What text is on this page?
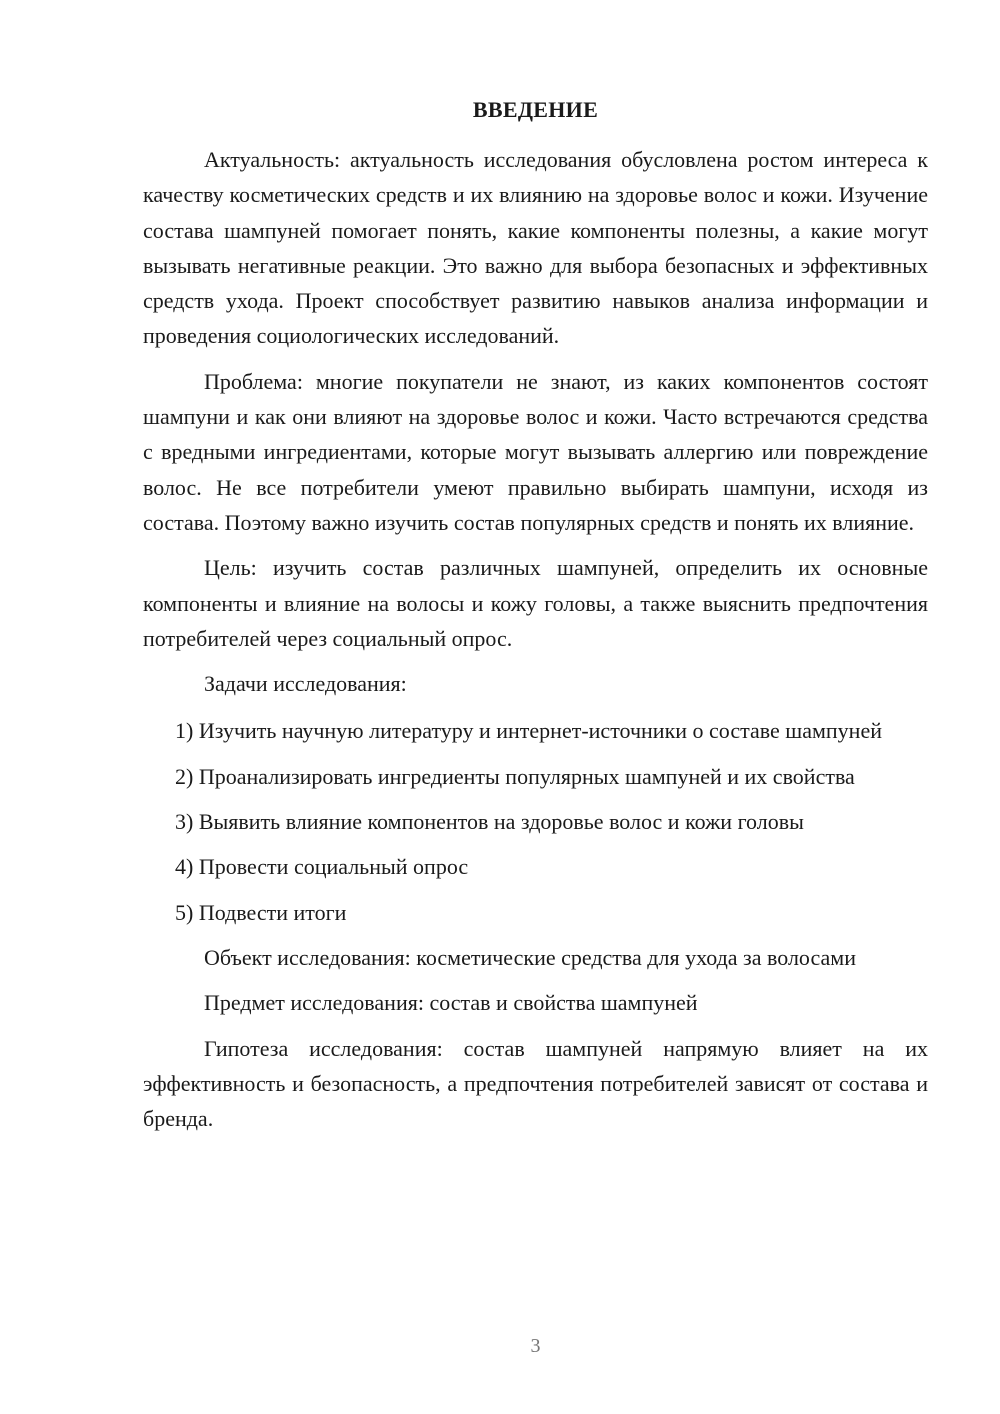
ВВЕДЕНИЕ

Актуальность: актуальность исследования обусловлена ростом интереса к качеству косметических средств и их влиянию на здоровье волос и кожи. Изучение состава шампуней помогает понять, какие компоненты полезны, а какие могут вызывать негативные реакции. Это важно для выбора безопасных и эффективных средств ухода. Проект способствует развитию навыков анализа информации и проведения социологических исследований.

Проблема: многие покупатели не знают, из каких компонентов состоят шампуни и как они влияют на здоровье волос и кожи. Часто встречаются средства с вредными ингредиентами, которые могут вызывать аллергию или повреждение волос. Не все потребители умеют правильно выбирать шампуни, исходя из состава. Поэтому важно изучить состав популярных средств и понять их влияние.

Цель: изучить состав различных шампуней, определить их основные компоненты и влияние на волосы и кожу головы, а также выяснить предпочтения потребителей через социальный опрос.

Задачи исследования:

1) Изучить научную литературу и интернет-источники о составе шампуней

2) Проанализировать ингредиенты популярных шампуней и их свойства

3) Выявить влияние компонентов на здоровье волос и кожи головы

4) Провести социальный опрос

5) Подвести итоги

Объект исследования: косметические средства для ухода за волосами

Предмет исследования: состав и свойства шампуней

Гипотеза исследования: состав шампуней напрямую влияет на их эффективность и безопасность, а предпочтения потребителей зависят от состава и бренда.

3
